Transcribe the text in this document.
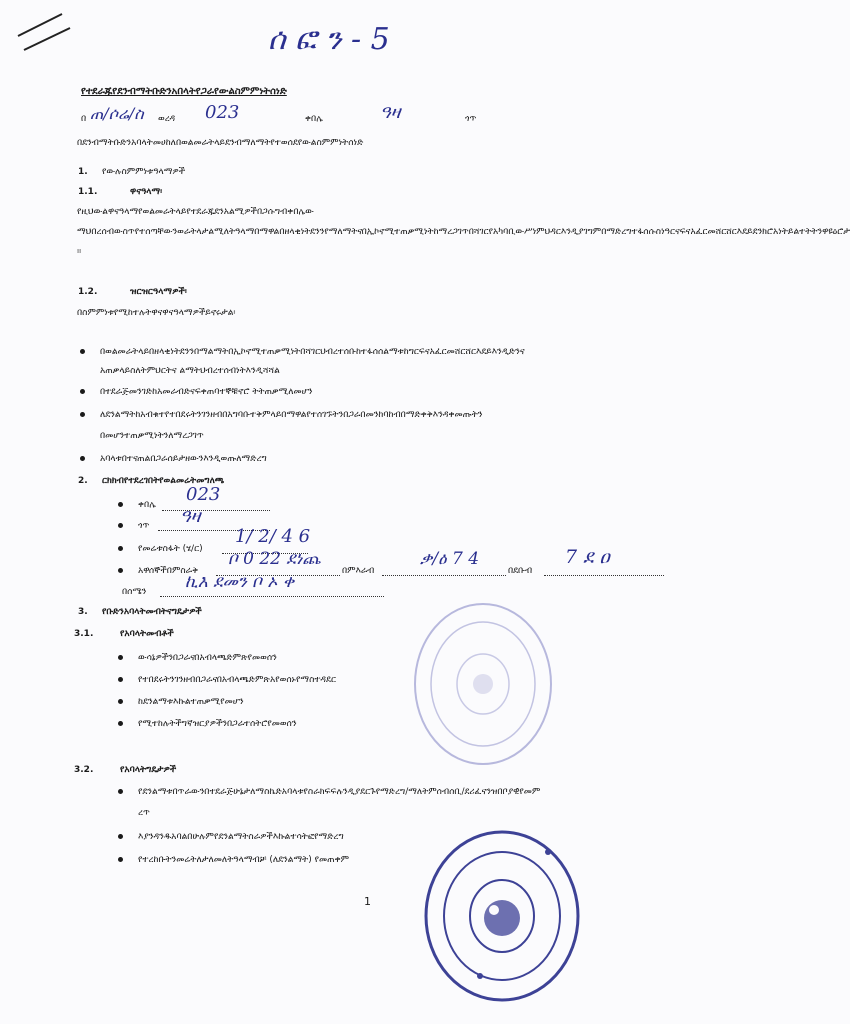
ሰ ፎ ን - 5
የተደራጁየደንብማትቡድንአበላትየጋራየውልስምምነትሰነድ
በ ጠ/ሶሬ/ስ ወረዳ 023	ቀበሌ	ዓዛ	ጎጥ
በደንብማትቡድንአባላትመሀከለበወልመራትላይደንብማለማትየተወሰደየውልስምምነትሰነድ
1. የውሉስምምነቱዓላማዎች
1.1.	ዋናዓላማ፡
የዚህውልዋናዓላማየወልመራትላይየተደራጁደንአልሚዎችበጋሱግብቀበሌው ማህበረሰብውስጥየተሰጣቸውንወራትላታልሚለትዓላማበማዋልበዘላቂነትደንንየማለማትናበኢኮኖሚተጠቃሚነትከማረጋገጥበሻገርየአካባቢውሥነምህዳርእንዲያገግምበማድረግተፋሰሱስነዓርናፍናአፈርመሸርሸርእደይደንክሮአነትይልተትትንዋዩዕሮታ ።
1.2.	ዝርዝርዓላማዎች፡
በስምምነቱየሚከተሉትዋናዋናዓላማዎችይኖሩታል፡
በወልመራትላይበዘላቂነትደንንበማልማትበኢኮኖሚተጠቃሚነትበሻገርህብረተሰቡከተፋሰሰልማቱከግርፍናአፈርመሸርሸርእደይእንዲድንና
አጠቃላይስለትምህርትና ልማትህብረተሰብነትእንዲሻሻል
በተደራጅመንገድከአመራብድናፍቀጠባተኞቹኖሮ ትትጠቃሚለመሆን
ለደንልማትከአብቁተየተበደሩትንገንዘብበአግባቡተቅምላይበማዋልየተሰገኙትንበጋራበመንከባከብበማድቀቅእንዳቀመጡትን
በመሆንተጠቃሚነትንለማረጋገጥ
አባላቱበተናጠልበጋራሰይታዘውንእንዲወጡለማድረግ
2. ርክክብየተደረገበትየወልመሬትመግለጫ
ቀበሌ 023
ጎጥ ዓዛ
የመሬቱስፋት (ሄ/ር)
1/ 2/ 4 6
አዋሰኞችበምስራቅ
ቦ 0 22 ደነጨ
በምእራብ
ቃ/ዕ 7 4
በደቡብ
7 ደ ዐ
በሰሜን ኪእ ደመን ቦ ኦ ቀ
3. የቡድንአባላትመብትናግዴታዎች
3.1.	የአባላትመብቶች
ውሳኔዎችንበጋራናበአብላጫድምጽየመወሰን
የተበደሩትንገንዘብበጋራናበአብላጫድምጽአየወሰኑየማስተዳደር
ከደንልማቱእኩልተጠቃሚየመሆን
የሚተከሉትችግኛዝርያዎችንበጋራተሰትሮየመወሰን
3.2.	የአባላትግዴታዎች
የደንልማቱበጥራውንበተደራጅሁኔታለማስኬድአባላቱየስራክፍፍሉንዲያደርጉየማድረግ/ማለትምሰብሰቢ/ደሪፈናንዝበቦያዊየመም
ረጥ
እያንዳንዱአባልበሁሉምየደንልማትስራዎችእኩልተሳትፎየማድረግ
የተረከቡትንመሬትለታለመለትዓላማብቻ (ለደንልማት) የመጠቀም
1
